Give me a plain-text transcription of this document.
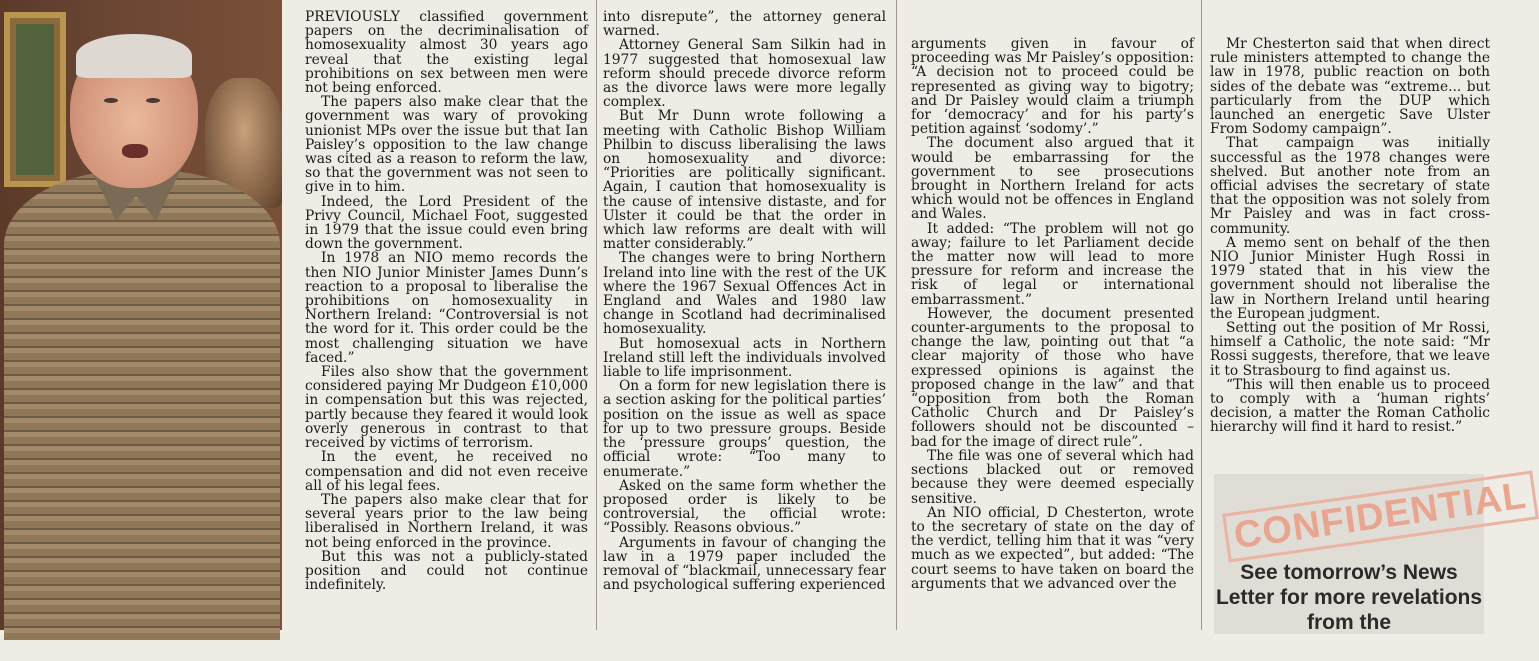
PREVIOUSLY classified government papers on the decriminalisation of homosexuality almost 30 years ago reveal that the existing legal prohibitions on sex between men were not being enforced.

The papers also make clear that the government was wary of provoking unionist MPs over the issue but that Ian Paisley’s opposition to the law change was cited as a reason to reform the law, so that the government was not seen to give in to him.

Indeed, the Lord President of the Privy Council, Michael Foot, suggested in 1979 that the issue could even bring down the government.

In 1978 an NIO memo records the then NIO Junior Minister James Dunn’s reaction to a proposal to liberalise the prohibitions on homosexuality in Northern Ireland: “Controversial is not the word for it. This order could be the most challenging situation we have faced.”

Files also show that the government considered paying Mr Dudgeon £10,000 in compensation but this was rejected, partly because they feared it would look overly generous in contrast to that received by victims of terrorism.

In the event, he received no compensation and did not even receive all of his legal fees.

The papers also make clear that for several years prior to the law being liberalised in Northern Ireland, it was not being enforced in the province.

But this was not a publicly-stated position and could not continue indefinitely.

into disrepute”, the attorney general warned.

Attorney General Sam Silkin had in 1977 suggested that homosexual law reform should precede divorce reform as the divorce laws were more legally complex.

But Mr Dunn wrote following a meeting with Catholic Bishop William Philbin to discuss liberalising the laws on homosexuality and divorce: “Priorities are politically significant. Again, I caution that homosexuality is the cause of intensive distaste, and for Ulster it could be that the order in which law reforms are dealt with will matter considerably.”

The changes were to bring Northern Ireland into line with the rest of the UK where the 1967 Sexual Offences Act in England and Wales and 1980 law change in Scotland had decriminalised homosexuality.

But homosexual acts in Northern Ireland still left the individuals involved liable to life imprisonment.

On a form for new legislation there is a section asking for the political parties’ position on the issue as well as space for up to two pressure groups. Beside the ‘pressure groups’ question, the official wrote: “Too many to enumerate.”

Asked on the same form whether the proposed order is likely to be controversial, the official wrote: “Possibly. Reasons obvious.”

Arguments in favour of changing the law in a 1979 paper included the removal of “blackmail, unnecessary fear and psychological suffering experienced

arguments given in favour of proceeding was Mr Paisley’s opposition: “A decision not to proceed could be represented as giving way to bigotry; and Dr Paisley would claim a triumph for ‘democracy’ and for his party’s petition against ‘sodomy’.”

The document also argued that it would be embarrassing for the government to see prosecutions brought in Northern Ireland for acts which would not be offences in England and Wales.

It added: “The problem will not go away; failure to let Parliament decide the matter now will lead to more pressure for reform and increase the risk of legal or international embarrassment.”

However, the document presented counter-arguments to the proposal to change the law, pointing out that “a clear majority of those who have expressed opinions is against the proposed change in the law” and that “opposition from both the Roman Catholic Church and Dr Paisley’s followers should not be discounted – bad for the image of direct rule”.

The file was one of several which had sections blacked out or removed because they were deemed especially sensitive.

An NIO official, D Chesterton, wrote to the secretary of state on the day of the verdict, telling him that it was “very much as we expected”, but added: “The court seems to have taken on board the arguments that we advanced over the

Mr Chesterton said that when direct rule ministers attempted to change the law in 1978, public reaction on both sides of the debate was “extreme... but particularly from the DUP which launched an energetic Save Ulster From Sodomy campaign”.

That campaign was initially successful as the 1978 changes were shelved. But another note from an official advises the secretary of state that the opposition was not solely from Mr Paisley and was in fact cross-community.

A memo sent on behalf of the then NIO Junior Minister Hugh Rossi in 1979 stated that in his view the government should not liberalise the law in Northern Ireland until hearing the European judgment.

Setting out the position of Mr Rossi, himself a Catholic, the note said: “Mr Rossi suggests, therefore, that we leave it to Strasbourg to find against us.

“This will then enable us to proceed to comply with a ‘human rights’ decision, a matter the Roman Catholic hierarchy will find it hard to resist.”

CONFIDENTIAL
See tomorrow’s News Letter for more revelations from the
